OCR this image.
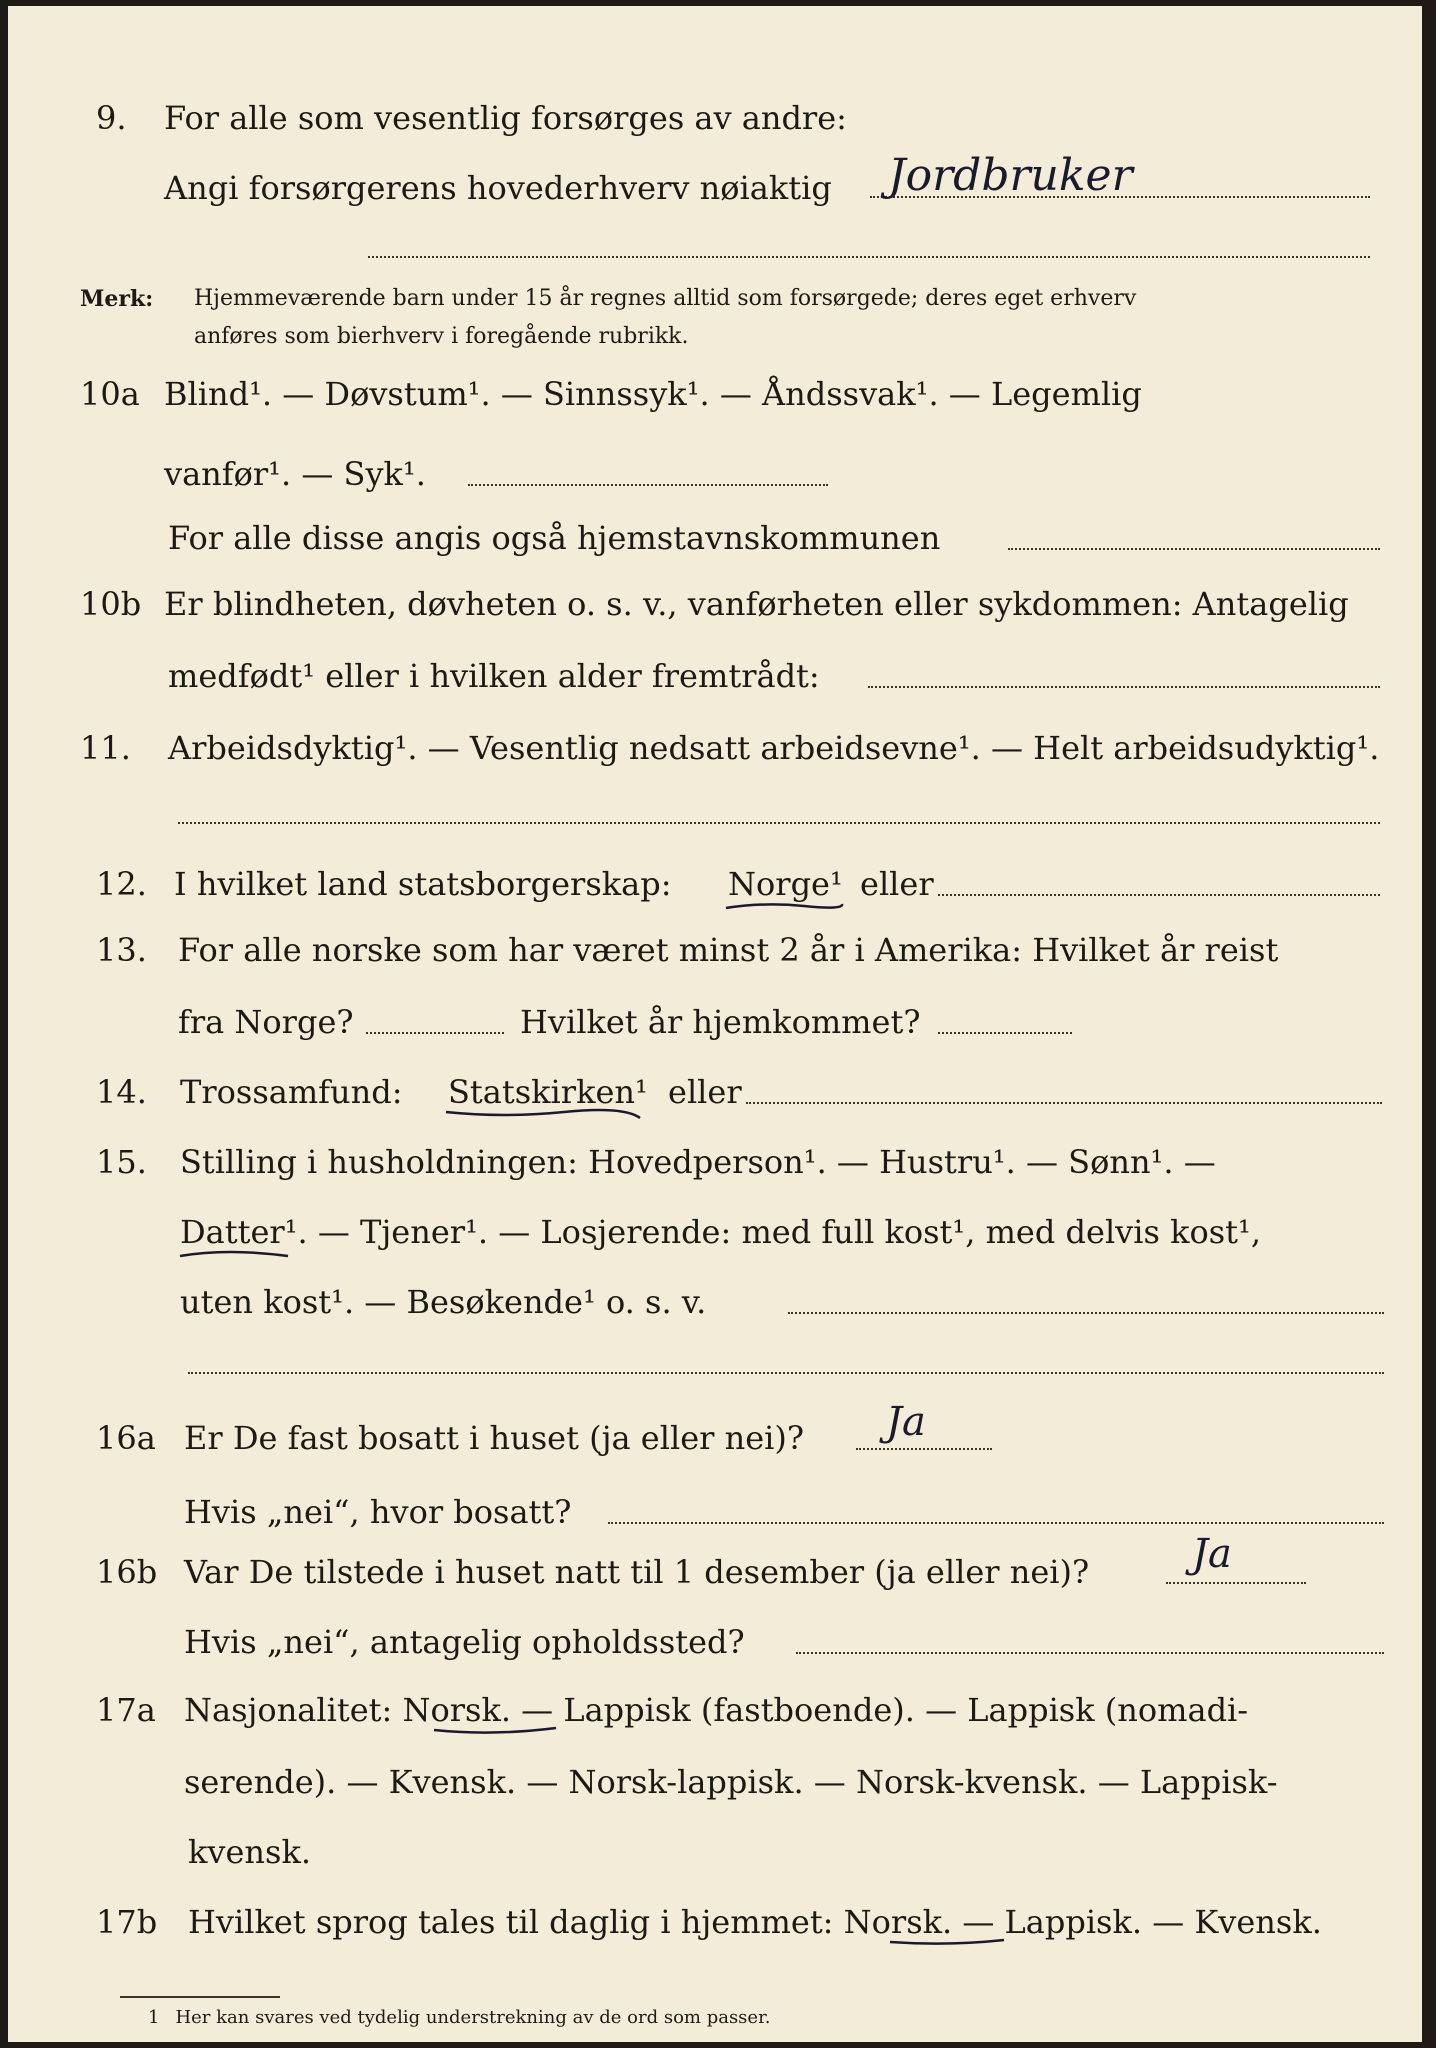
9. For alle som vesentlig forsørges av andre:
Angi forsørgerens hovederhverv nøiaktig Jordbruker
Merk: Hjemmeværende barn under 15 år regnes alltid som forsørgede; deres eget erhverv
anføres som bierhverv i foregående rubrikk.
10a Blind¹. — Døvstum¹. — Sinnssyk¹. — Åndssvak¹. — Legemlig
vanfør¹. — Syk¹.
For alle disse angis også hjemstavnskommunen
10b Er blindheten, døvheten o. s. v., vanførheten eller sykdommen: Antagelig
medfødt¹ eller i hvilken alder fremtrådt:
11. Arbeidsdyktig¹. — Vesentlig nedsatt arbeidsevne¹. — Helt arbeidsudyktig¹.
12. I hvilket land statsborgerskap: Norge¹ eller
13. For alle norske som har været minst 2 år i Amerika: Hvilket år reist
fra Norge?	Hvilket år hjemkommet?
14. Trossamfund: Statskirken¹ eller
15. Stilling i husholdningen: Hovedperson¹. — Hustru¹. — Sønn¹. —
Datter¹. — Tjener¹. — Losjerende: med full kost¹, med delvis kost¹,
uten kost¹. — Besøkende¹ o. s. v.
16a Er De fast bosatt i huset (ja eller nei)? Ja
Hvis „nei“, hvor bosatt?
16b Var De tilstede i huset natt til 1 desember (ja eller nei)?	Ja
Hvis „nei“, antagelig opholdssted?
17a Nasjonalitet: Norsk. — Lappisk (fastboende). — Lappisk (nomadi-
serende). — Kvensk. — Norsk-lappisk. — Norsk-kvensk. — Lappisk-
kvensk.
17b Hvilket sprog tales til daglig i hjemmet: Norsk. — Lappisk. — Kvensk.
1 Her kan svares ved tydelig understrekning av de ord som passer.
